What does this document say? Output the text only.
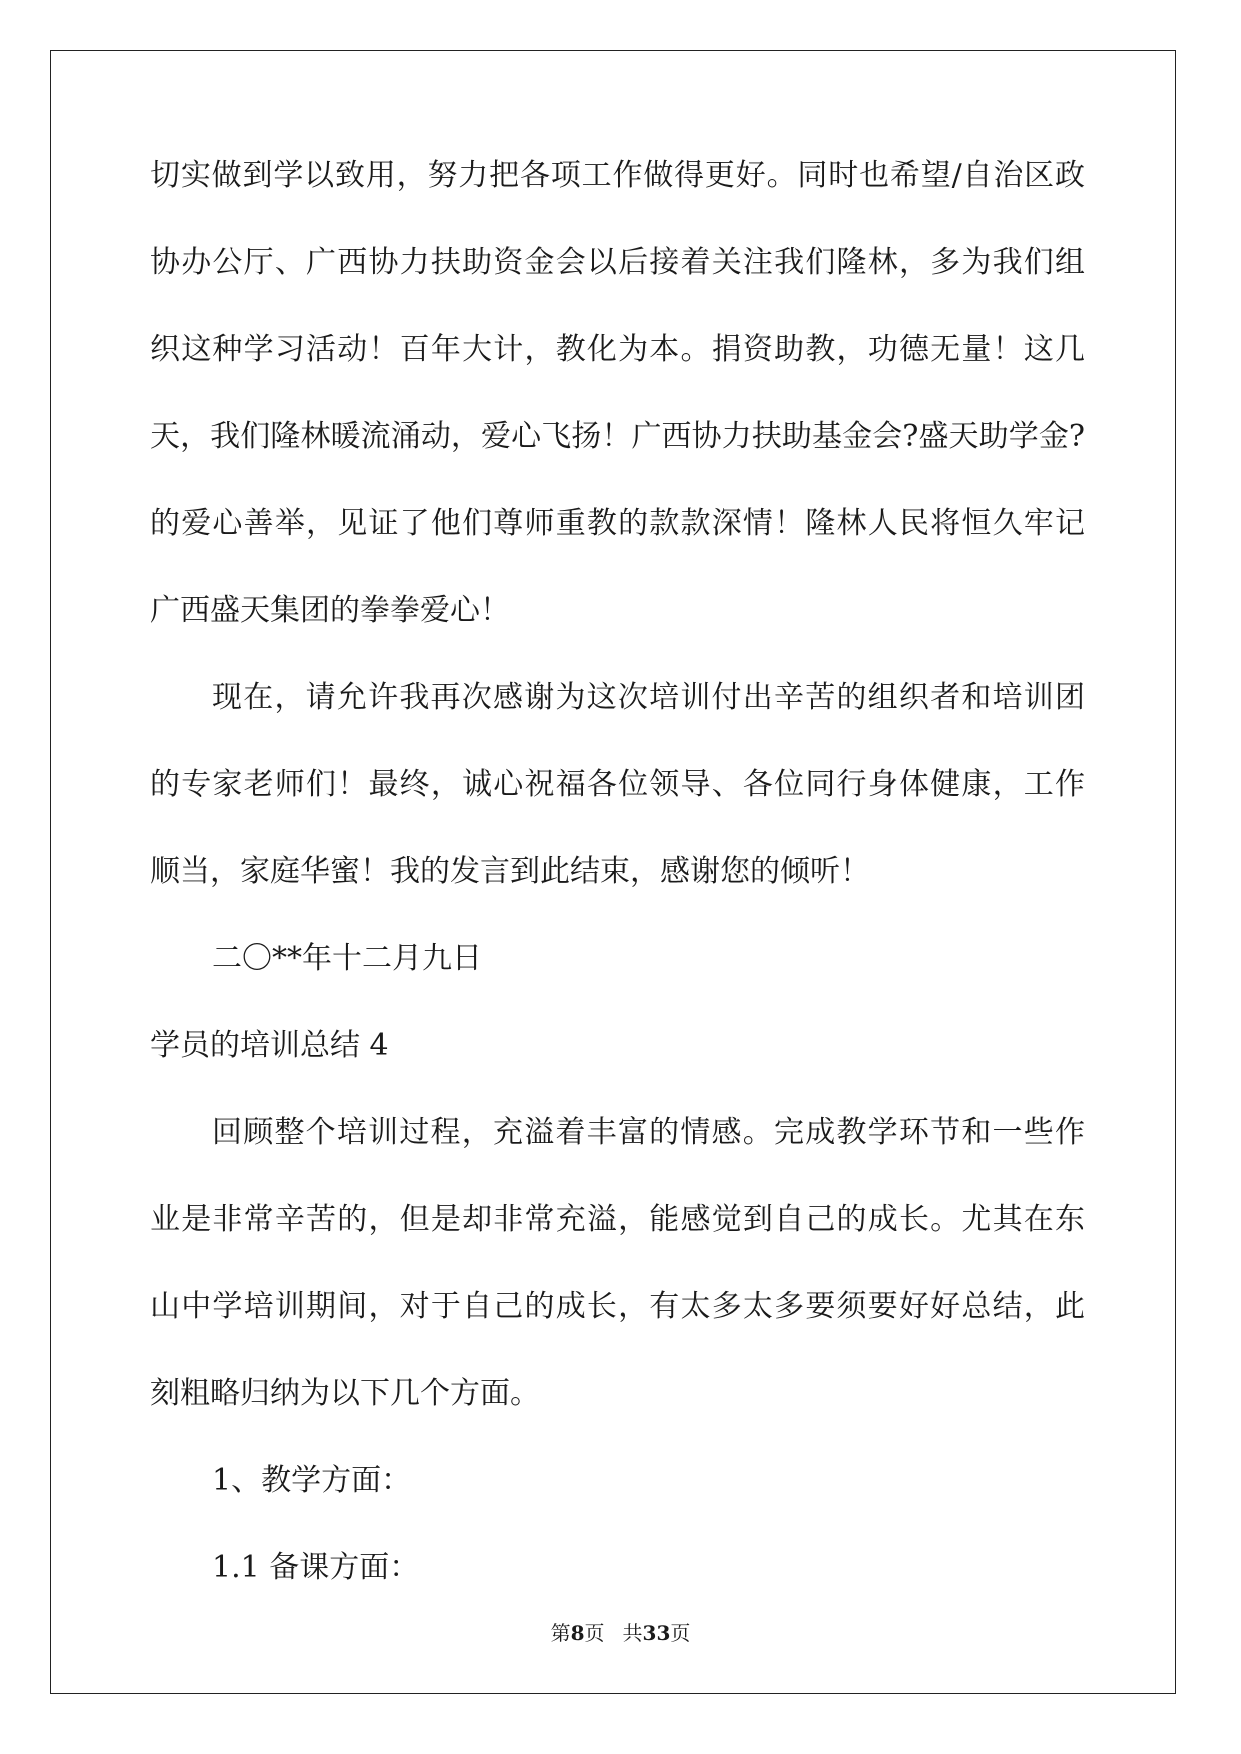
切实做到学以致用，努力把各项工作做得更好。同时也希望/自治区政
协办公厅、广西协力扶助资金会以后接着关注我们隆林，多为我们组
织这种学习活动！百年大计，教化为本。捐资助教，功德无量！这几
天，我们隆林暖流涌动，爱心飞扬！广西协力扶助基金会?盛天助学金?
的爱心善举，见证了他们尊师重教的款款深情！隆林人民将恒久牢记
广西盛天集团的拳拳爱心！
现在，请允许我再次感谢为这次培训付出辛苦的组织者和培训团
的专家老师们！最终，诚心祝福各位领导、各位同行身体健康，工作
顺当，家庭华蜜！我的发言到此结束，感谢您的倾听！
二〇**年十二月九日
学员的培训总结 4
回顾整个培训过程，充溢着丰富的情感。完成教学环节和一些作
业是非常辛苦的，但是却非常充溢，能感觉到自己的成长。尤其在东
山中学培训期间，对于自己的成长，有太多太多要须要好好总结，此
刻粗略归纳为以下几个方面。
1、教学方面：
1.1 备课方面：
第8页 共33页
